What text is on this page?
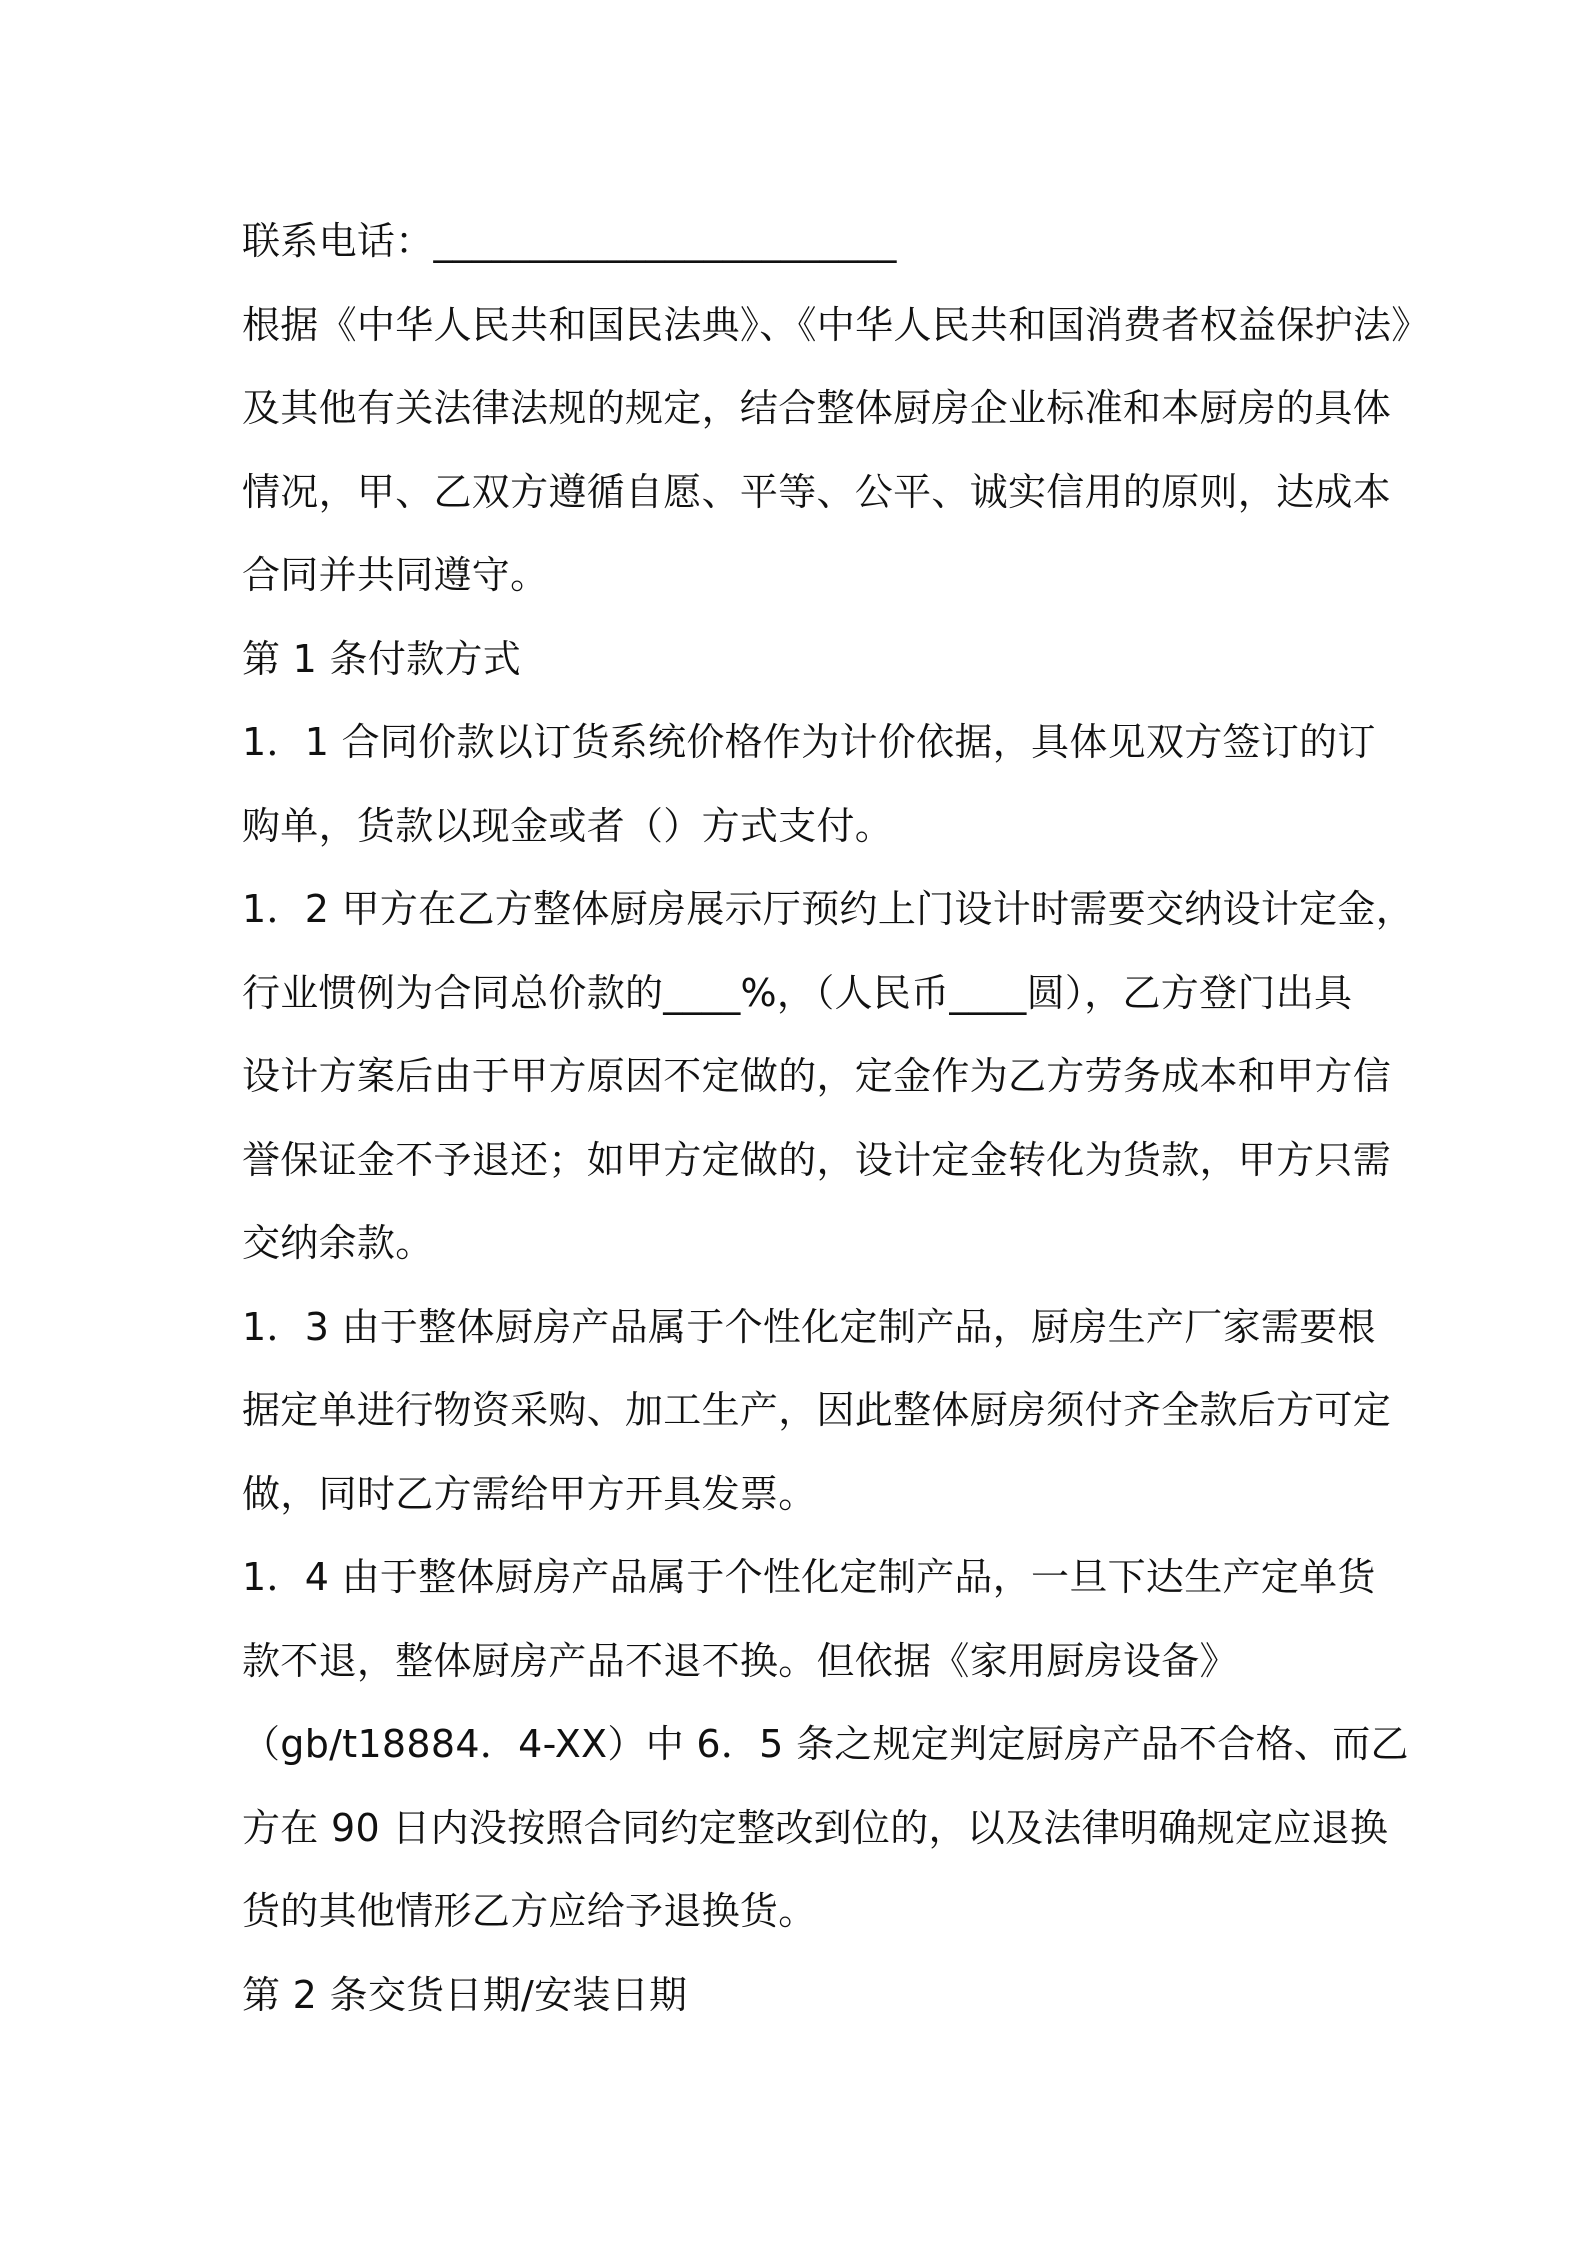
联系电话：________________________
根据《中华人民共和国民法典》、《中华人民共和国消费者权益保护法》
及其他有关法律法规的规定，结合整体厨房企业标准和本厨房的具体
情况，甲、乙双方遵循自愿、平等、公平、诚实信用的原则，达成本
合同并共同遵守。
第 1 条付款方式
1．1 合同价款以订货系统价格作为计价依据，具体见双方签订的订
购单，货款以现金或者（）方式支付。
1．2 甲方在乙方整体厨房展示厅预约上门设计时需要交纳设计定金，
行业惯例为合同总价款的____%，（人民币____圆），乙方登门出具
设计方案后由于甲方原因不定做的，定金作为乙方劳务成本和甲方信
誉保证金不予退还；如甲方定做的，设计定金转化为货款，甲方只需
交纳余款。
1．3 由于整体厨房产品属于个性化定制产品，厨房生产厂家需要根
据定单进行物资采购、加工生产，因此整体厨房须付齐全款后方可定
做，同时乙方需给甲方开具发票。
1．4 由于整体厨房产品属于个性化定制产品，一旦下达生产定单货
款不退，整体厨房产品不退不换。但依据《家用厨房设备》
（gb/t18884．4-XX）中 6．5 条之规定判定厨房产品不合格、而乙
方在 90 日内没按照合同约定整改到位的，以及法律明确规定应退换
货的其他情形乙方应给予退换货。
第 2 条交货日期/安装日期
